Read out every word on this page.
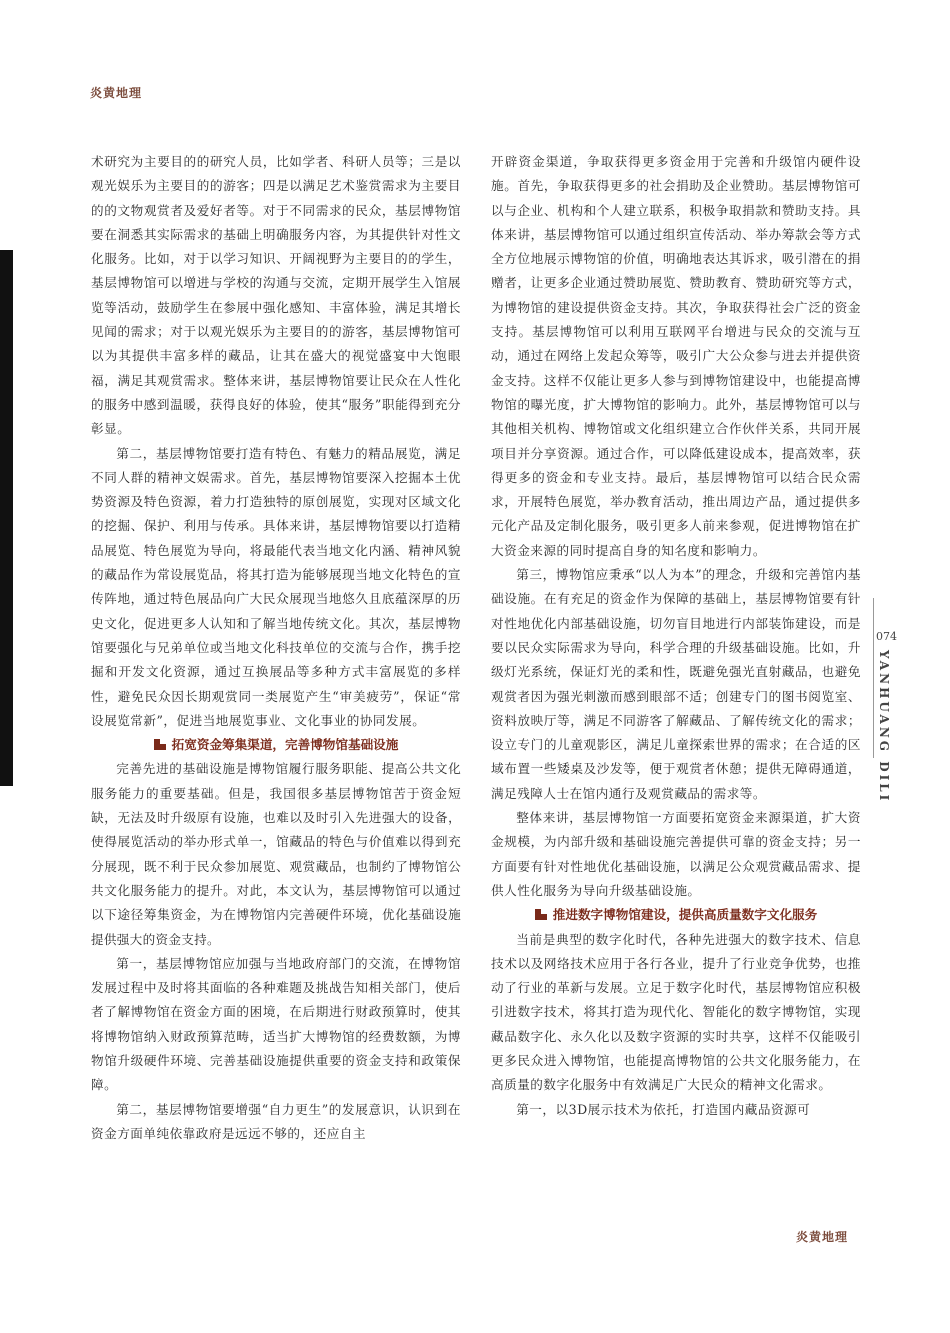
炎黄地理

术研究为主要目的的研究人员，比如学者、科研人员等；三是以观光娱乐为主要目的的游客；四是以满足艺术鉴赏需求为主要目的的文物观赏者及爱好者等。对于不同需求的民众，基层博物馆要在洞悉其实际需求的基础上明确服务内容，为其提供针对性文化服务。比如，对于以学习知识、开阔视野为主要目的的学生，基层博物馆可以增进与学校的沟通与交流，定期开展学生入馆展览等活动，鼓励学生在参展中强化感知、丰富体验，满足其增长见闻的需求；对于以观光娱乐为主要目的的游客，基层博物馆可以为其提供丰富多样的藏品，让其在盛大的视觉盛宴中大饱眼福，满足其观赏需求。整体来讲，基层博物馆要让民众在人性化的服务中感到温暖，获得良好的体验，使其“服务”职能得到充分彰显。

第二，基层博物馆要打造有特色、有魅力的精品展览，满足不同人群的精神文娱需求。首先，基层博物馆要深入挖掘本土优势资源及特色资源，着力打造独特的原创展览，实现对区域文化的挖掘、保护、利用与传承。具体来讲，基层博物馆要以打造精品展览、特色展览为导向，将最能代表当地文化内涵、精神风貌的藏品作为常设展览品，将其打造为能够展现当地文化特色的宣传阵地，通过特色展品向广大民众展现当地悠久且底蕴深厚的历史文化，促进更多人认知和了解当地传统文化。其次，基层博物馆要强化与兄弟单位或当地文化科技单位的交流与合作，携手挖掘和开发文化资源，通过互换展品等多种方式丰富展览的多样性，避免民众因长期观赏同一类展览产生“审美疲劳”，保证“常设展览常新”，促进当地展览事业、文化事业的协同发展。

拓宽资金筹集渠道，完善博物馆基础设施

完善先进的基础设施是博物馆履行服务职能、提高公共文化服务能力的重要基础。但是，我国很多基层博物馆苦于资金短缺，无法及时升级原有设施，也难以及时引入先进强大的设备，使得展览活动的举办形式单一，馆藏品的特色与价值难以得到充分展现，既不利于民众参加展览、观赏藏品，也制约了博物馆公共文化服务能力的提升。对此，本文认为，基层博物馆可以通过以下途径筹集资金，为在博物馆内完善硬件环境，优化基础设施提供强大的资金支持。

第一，基层博物馆应加强与当地政府部门的交流，在博物馆发展过程中及时将其面临的各种难题及挑战告知相关部门，使后者了解博物馆在资金方面的困境，在后期进行财政预算时，使其将博物馆纳入财政预算范畴，适当扩大博物馆的经费数额，为博物馆升级硬件环境、完善基础设施提供重要的资金支持和政策保障。

第二，基层博物馆要增强“自力更生”的发展意识，认识到在资金方面单纯依靠政府是远远不够的，还应自主

开辟资金渠道，争取获得更多资金用于完善和升级馆内硬件设施。首先，争取获得更多的社会捐助及企业赞助。基层博物馆可以与企业、机构和个人建立联系，积极争取捐款和赞助支持。具体来讲，基层博物馆可以通过组织宣传活动、举办筹款会等方式全方位地展示博物馆的价值，明确地表达其诉求，吸引潜在的捐赠者，让更多企业通过赞助展览、赞助教育、赞助研究等方式，为博物馆的建设提供资金支持。其次，争取获得社会广泛的资金支持。基层博物馆可以利用互联网平台增进与民众的交流与互动，通过在网络上发起众筹等，吸引广大公众参与进去并提供资金支持。这样不仅能让更多人参与到博物馆建设中，也能提高博物馆的曝光度，扩大博物馆的影响力。此外，基层博物馆可以与其他相关机构、博物馆或文化组织建立合作伙伴关系，共同开展项目并分享资源。通过合作，可以降低建设成本，提高效率，获得更多的资金和专业支持。最后，基层博物馆可以结合民众需求，开展特色展览，举办教育活动，推出周边产品，通过提供多元化产品及定制化服务，吸引更多人前来参观，促进博物馆在扩大资金来源的同时提高自身的知名度和影响力。

第三，博物馆应秉承“以人为本”的理念，升级和完善馆内基础设施。在有充足的资金作为保障的基础上，基层博物馆要有针对性地优化内部基础设施，切勿盲目地进行内部装饰建设，而是要以民众实际需求为导向，科学合理的升级基础设施。比如，升级灯光系统，保证灯光的柔和性，既避免强光直射藏品，也避免观赏者因为强光刺激而感到眼部不适；创建专门的图书阅览室、资料放映厅等，满足不同游客了解藏品、了解传统文化的需求；设立专门的儿童观影区，满足儿童探索世界的需求；在合适的区域布置一些矮桌及沙发等，便于观赏者休憩；提供无障碍通道，满足残障人士在馆内通行及观赏藏品的需求等。

整体来讲，基层博物馆一方面要拓宽资金来源渠道，扩大资金规模，为内部升级和基础设施完善提供可靠的资金支持；另一方面要有针对性地优化基础设施，以满足公众观赏藏品需求、提供人性化服务为导向升级基础设施。

推进数字博物馆建设，提供高质量数字文化服务

当前是典型的数字化时代，各种先进强大的数字技术、信息技术以及网络技术应用于各行各业，提升了行业竞争优势，也推动了行业的革新与发展。立足于数字化时代，基层博物馆应积极引进数字技术，将其打造为现代化、智能化的数字博物馆，实现藏品数字化、永久化以及数字资源的实时共享，这样不仅能吸引更多民众进入博物馆，也能提高博物馆的公共文化服务能力，在高质量的数字化服务中有效满足广大民众的精神文化需求。

第一，以3D展示技术为依托，打造国内藏品资源可

074
YANHUANG DILI
炎黄地理
